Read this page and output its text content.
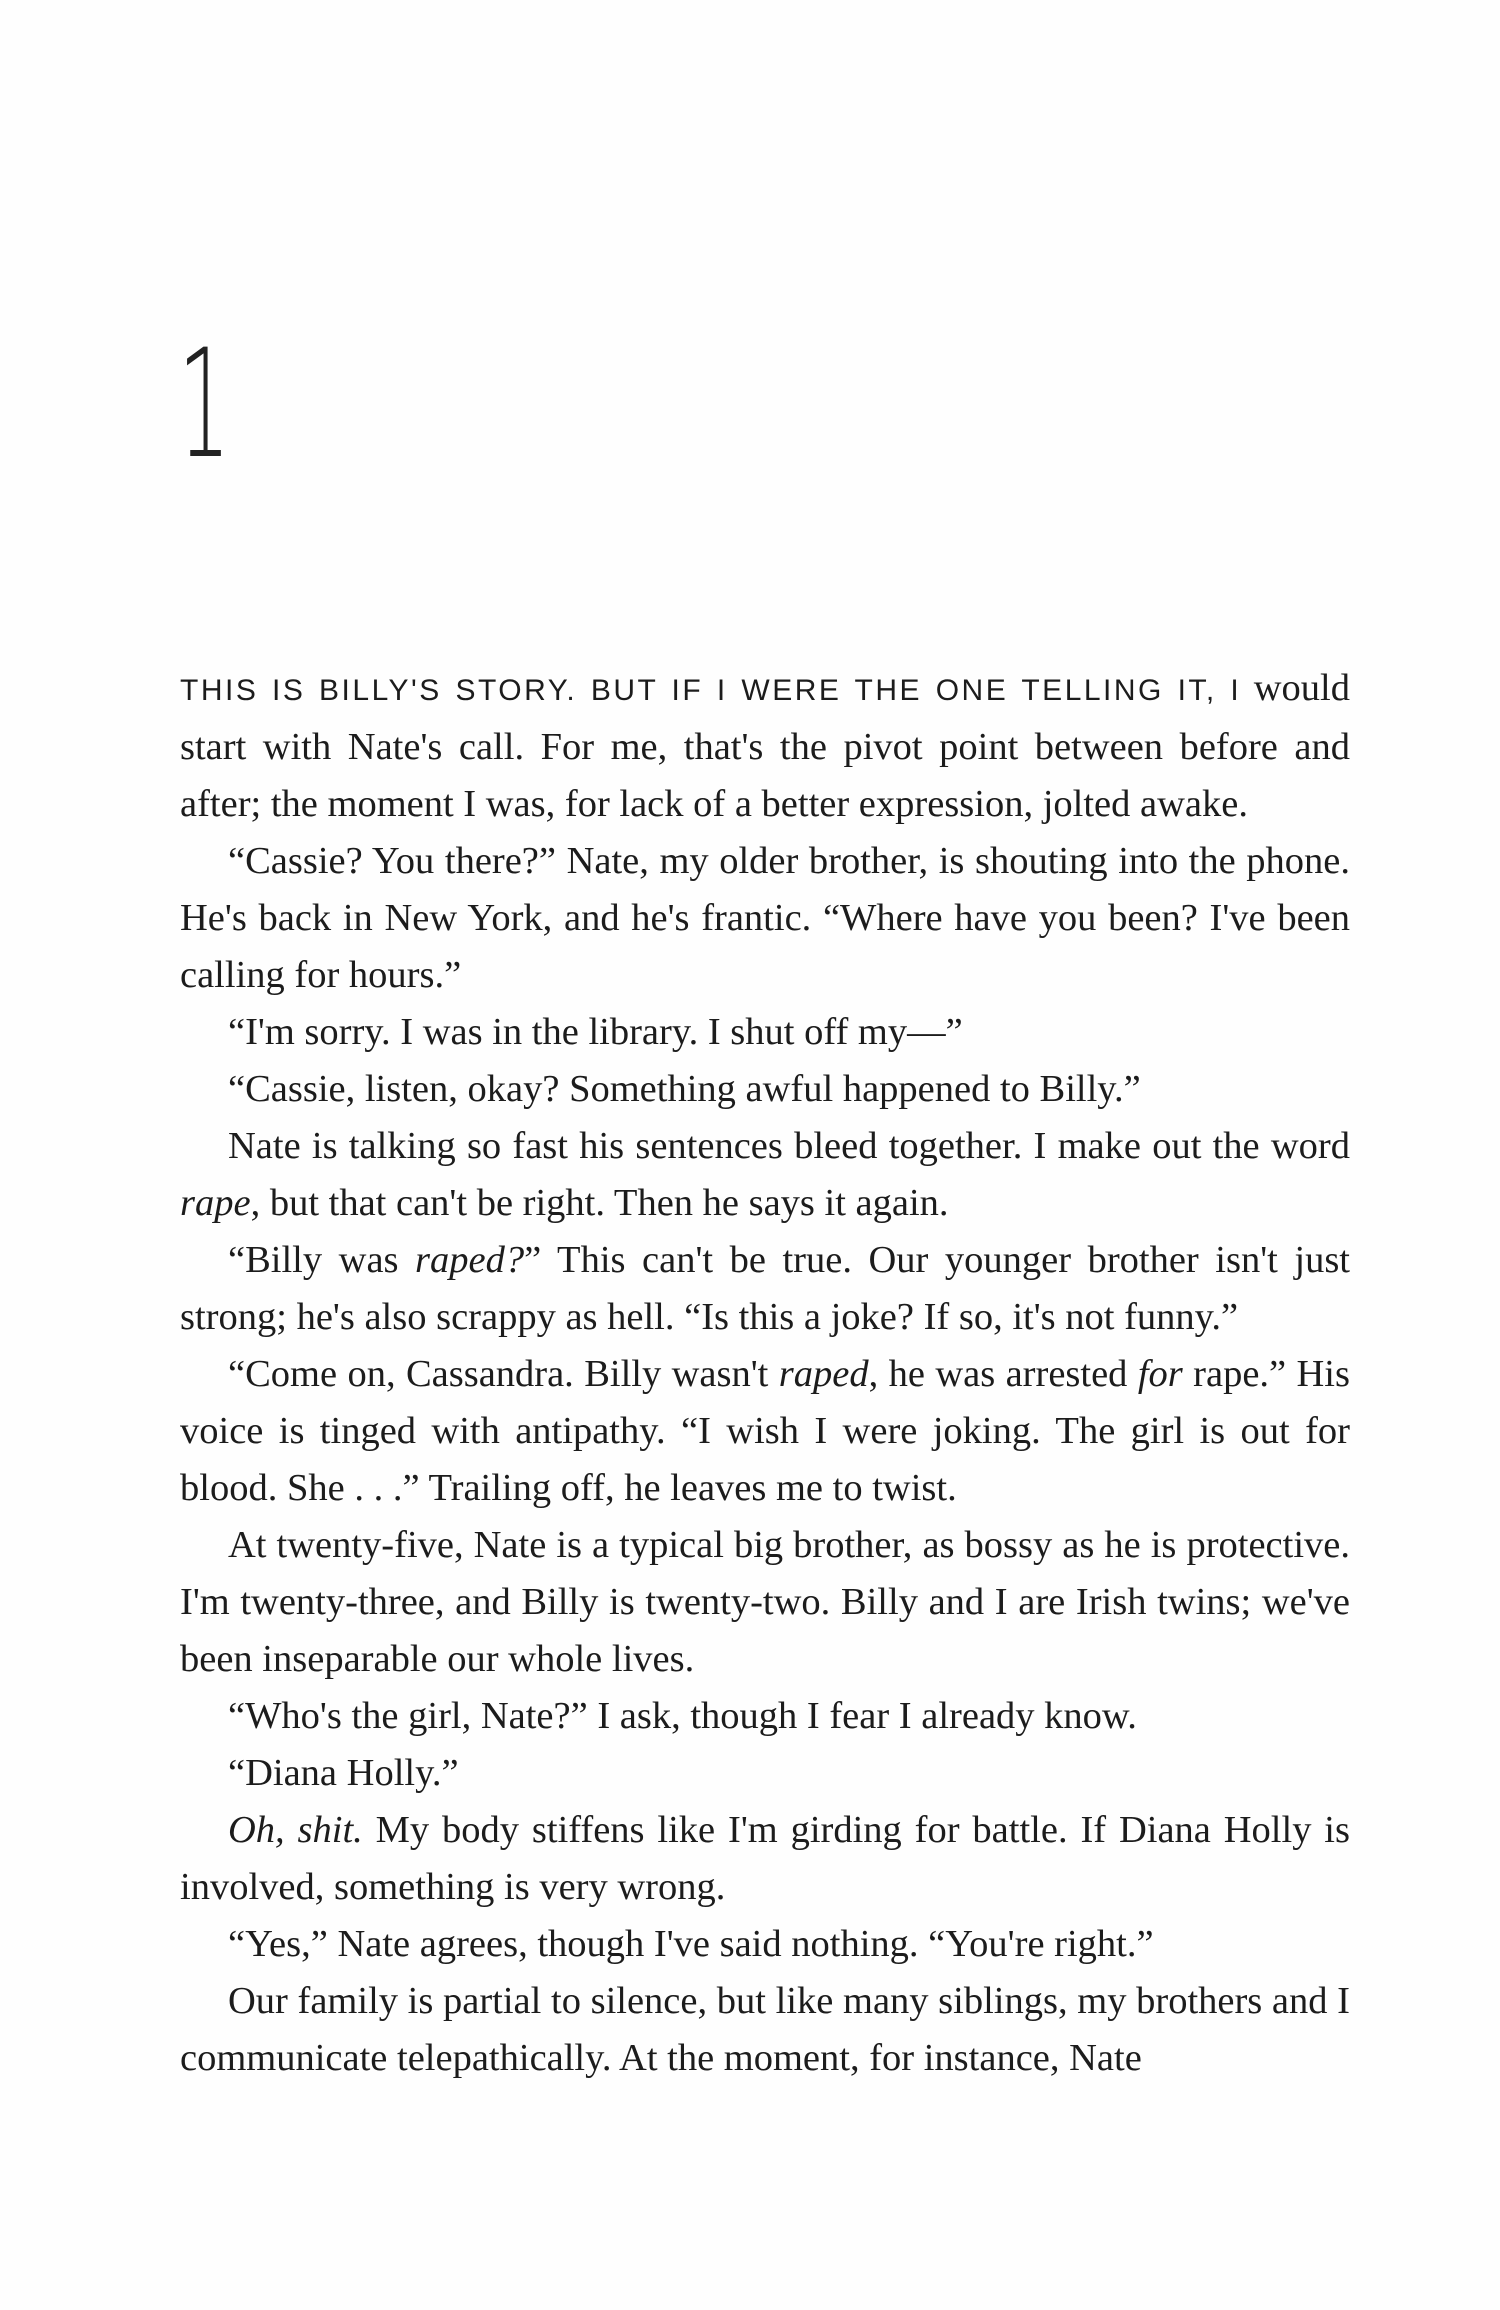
1

THIS IS BILLY'S STORY. BUT IF I WERE THE ONE TELLING IT, I would start with Nate's call. For me, that's the pivot point between before and after; the moment I was, for lack of a better expression, jolted awake.

“Cassie? You there?” Nate, my older brother, is shouting into the phone. He's back in New York, and he's frantic. “Where have you been? I've been calling for hours.”

“I'm sorry. I was in the library. I shut off my—”

“Cassie, listen, okay? Something awful happened to Billy.”

Nate is talking so fast his sentences bleed together. I make out the word rape, but that can't be right. Then he says it again.

“Billy was raped?” This can't be true. Our younger brother isn't just strong; he's also scrappy as hell. “Is this a joke? If so, it's not funny.”

“Come on, Cassandra. Billy wasn't raped, he was arrested for rape.” His voice is tinged with antipathy. “I wish I were joking. The girl is out for blood. She . . .” Trailing off, he leaves me to twist.

At twenty-five, Nate is a typical big brother, as bossy as he is protective. I'm twenty-three, and Billy is twenty-two. Billy and I are Irish twins; we've been inseparable our whole lives.

“Who's the girl, Nate?” I ask, though I fear I already know.

“Diana Holly.”

Oh, shit. My body stiffens like I'm girding for battle. If Diana Holly is involved, something is very wrong.

“Yes,” Nate agrees, though I've said nothing. “You're right.”

Our family is partial to silence, but like many siblings, my brothers and I communicate telepathically. At the moment, for instance, Nate
